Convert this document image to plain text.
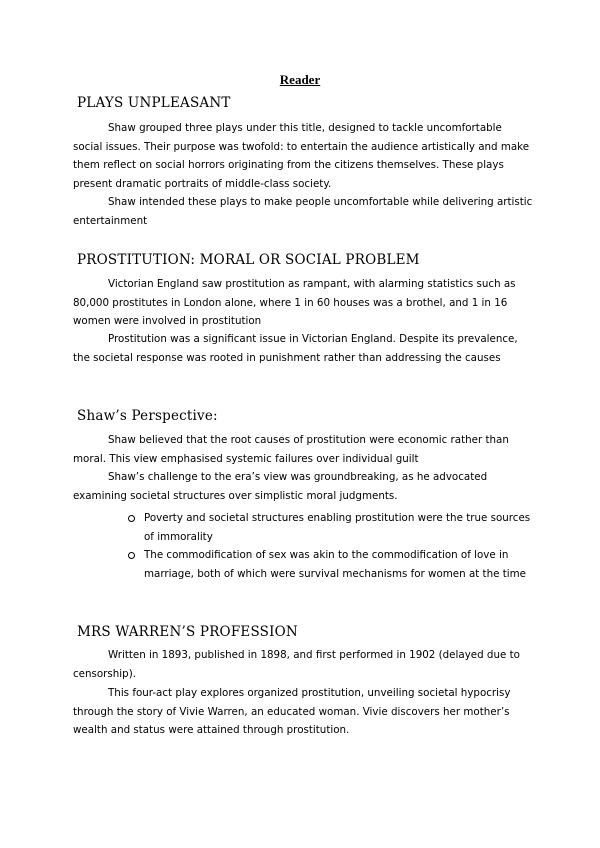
Reader
PLAYS UNPLEASANT

Shaw grouped three plays under this title, designed to tackle uncomfortable social issues. Their purpose was twofold: to entertain the audience artistically and make them reflect on social horrors originating from the citizens themselves. These plays present dramatic portraits of middle-class society.

Shaw intended these plays to make people uncomfortable while delivering artistic entertainment

PROSTITUTION: MORAL OR SOCIAL PROBLEM

Victorian England saw prostitution as rampant, with alarming statistics such as 80,000 prostitutes in London alone, where 1 in 60 houses was a brothel, and 1 in 16 women were involved in prostitution

Prostitution was a significant issue in Victorian England. Despite its prevalence, the societal response was rooted in punishment rather than addressing the causes

Shaw’s Perspective:

Shaw believed that the root causes of prostitution were economic rather than moral. This view emphasised systemic failures over individual guilt

Shaw’s challenge to the era’s view was groundbreaking, as he advocated examining societal structures over simplistic moral judgments.

Poverty and societal structures enabling prostitution were the true sources of immorality
The commodification of sex was akin to the commodification of love in marriage, both of which were survival mechanisms for women at the time
MRS WARREN’S PROFESSION

Written in 1893, published in 1898, and first performed in 1902 (delayed due to censorship).

This four-act play explores organized prostitution, unveiling societal hypocrisy through the story of Vivie Warren, an educated woman. Vivie discovers her mother’s wealth and status were attained through prostitution.
